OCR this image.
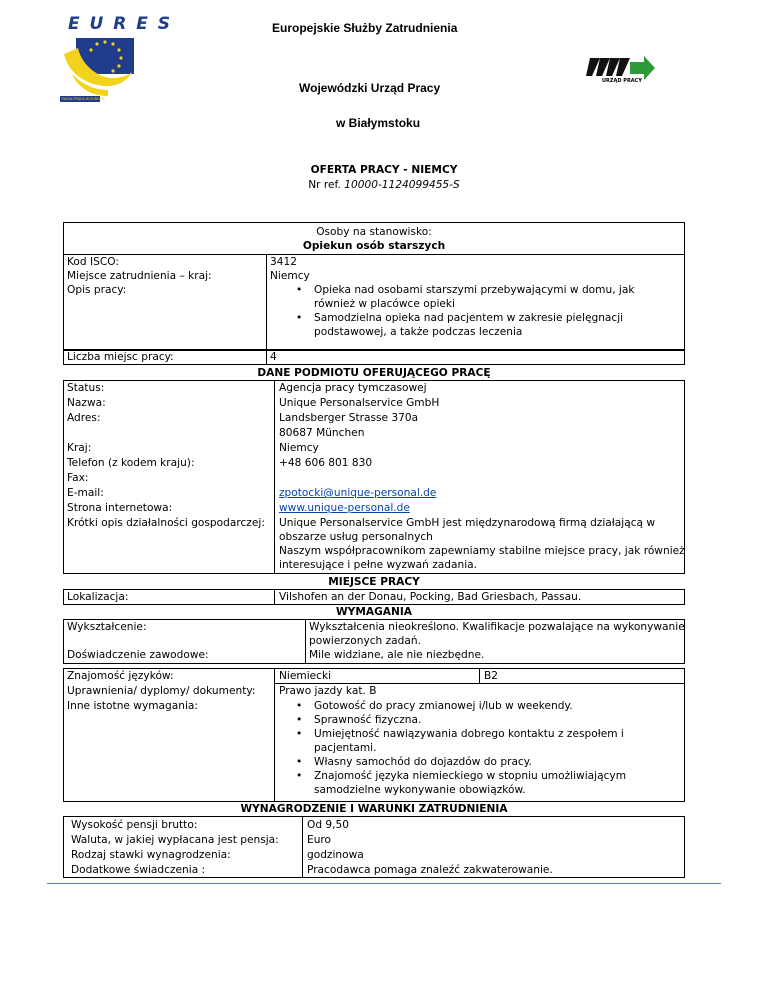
E U R E S
TWOJA PRACA W EUROPIE
Europejskie Służby Zatrudnienia
Wojewódzki Urząd Pracy
w Białymstoku
URZĄD PRACY
OFERTA PRACY - NIEMCY
Nr ref. 10000-1124099455-S
Osoby na stanowisko:
Opiekun osób starszych
Kod ISCO:	3412
Miejsce zatrudnienia – kraj:	Niemcy
Opis pracy:	• Opieka nad osobami starszymi przebywającymi w domu, jak również w placówce opieki
• Samodzielna opieka nad pacjentem w zakresie pielęgnacji podstawowej, a także podczas leczenia
Liczba miejsc pracy:	4
DANE PODMIOTU OFERUJĄCEGO PRACĘ
Status:	Agencja pracy tymczasowej
Nazwa:	Unique Personalservice GmbH
Adres:	Landsberger Strasse 370a
80687 München
Kraj:	Niemcy
Telefon (z kodem kraju):	+48 606 801 830
Fax:
E-mail:	zpotocki@unique-personal.de
Strona internetowa:	www.unique-personal.de
Krótki opis działalności gospodarczej: Unique Personalservice GmbH jest międzynarodową firmą działającą w
obszarze usług personalnych
Naszym współpracownikom zapewniamy stabilne miejsce pracy, jak również
interesujące i pełne wyzwań zadania.
MIEJSCE PRACY
Lokalizacja:	Vilshofen an der Donau, Pocking, Bad Griesbach, Passau.
WYMAGANIA
Wykształcenie:	Wykształcenia nieokreślono. Kwalifikacje pozwalające na wykonywanie
powierzonych zadań.
Doświadczenie zawodowe:	Mile widziane, ale nie niezbędne.
Znajomość języków:	Niemiecki	B2
Uprawnienia/ dyplomy/ dokumenty: Prawo jazdy kat. B
Inne istotne wymagania:	• Gotowość do pracy zmianowej i/lub w weekendy.
• Sprawność fizyczna.
• Umiejętność nawiązywania dobrego kontaktu z zespołem i pacjentami.
• Własny samochód do dojazdów do pracy.
• Znajomość języka niemieckiego w stopniu umożliwiającym samodzielne wykonywanie obowiązków.
WYNAGRODZENIE I WARUNKI ZATRUDNIENIA
Wysokość pensji brutto:	Od 9,50
Waluta, w jakiej wypłacana jest pensja:	Euro
Rodzaj stawki wynagrodzenia:	godzinowa
Dodatkowe świadczenia :	Pracodawca pomaga znaleźć zakwaterowanie.
